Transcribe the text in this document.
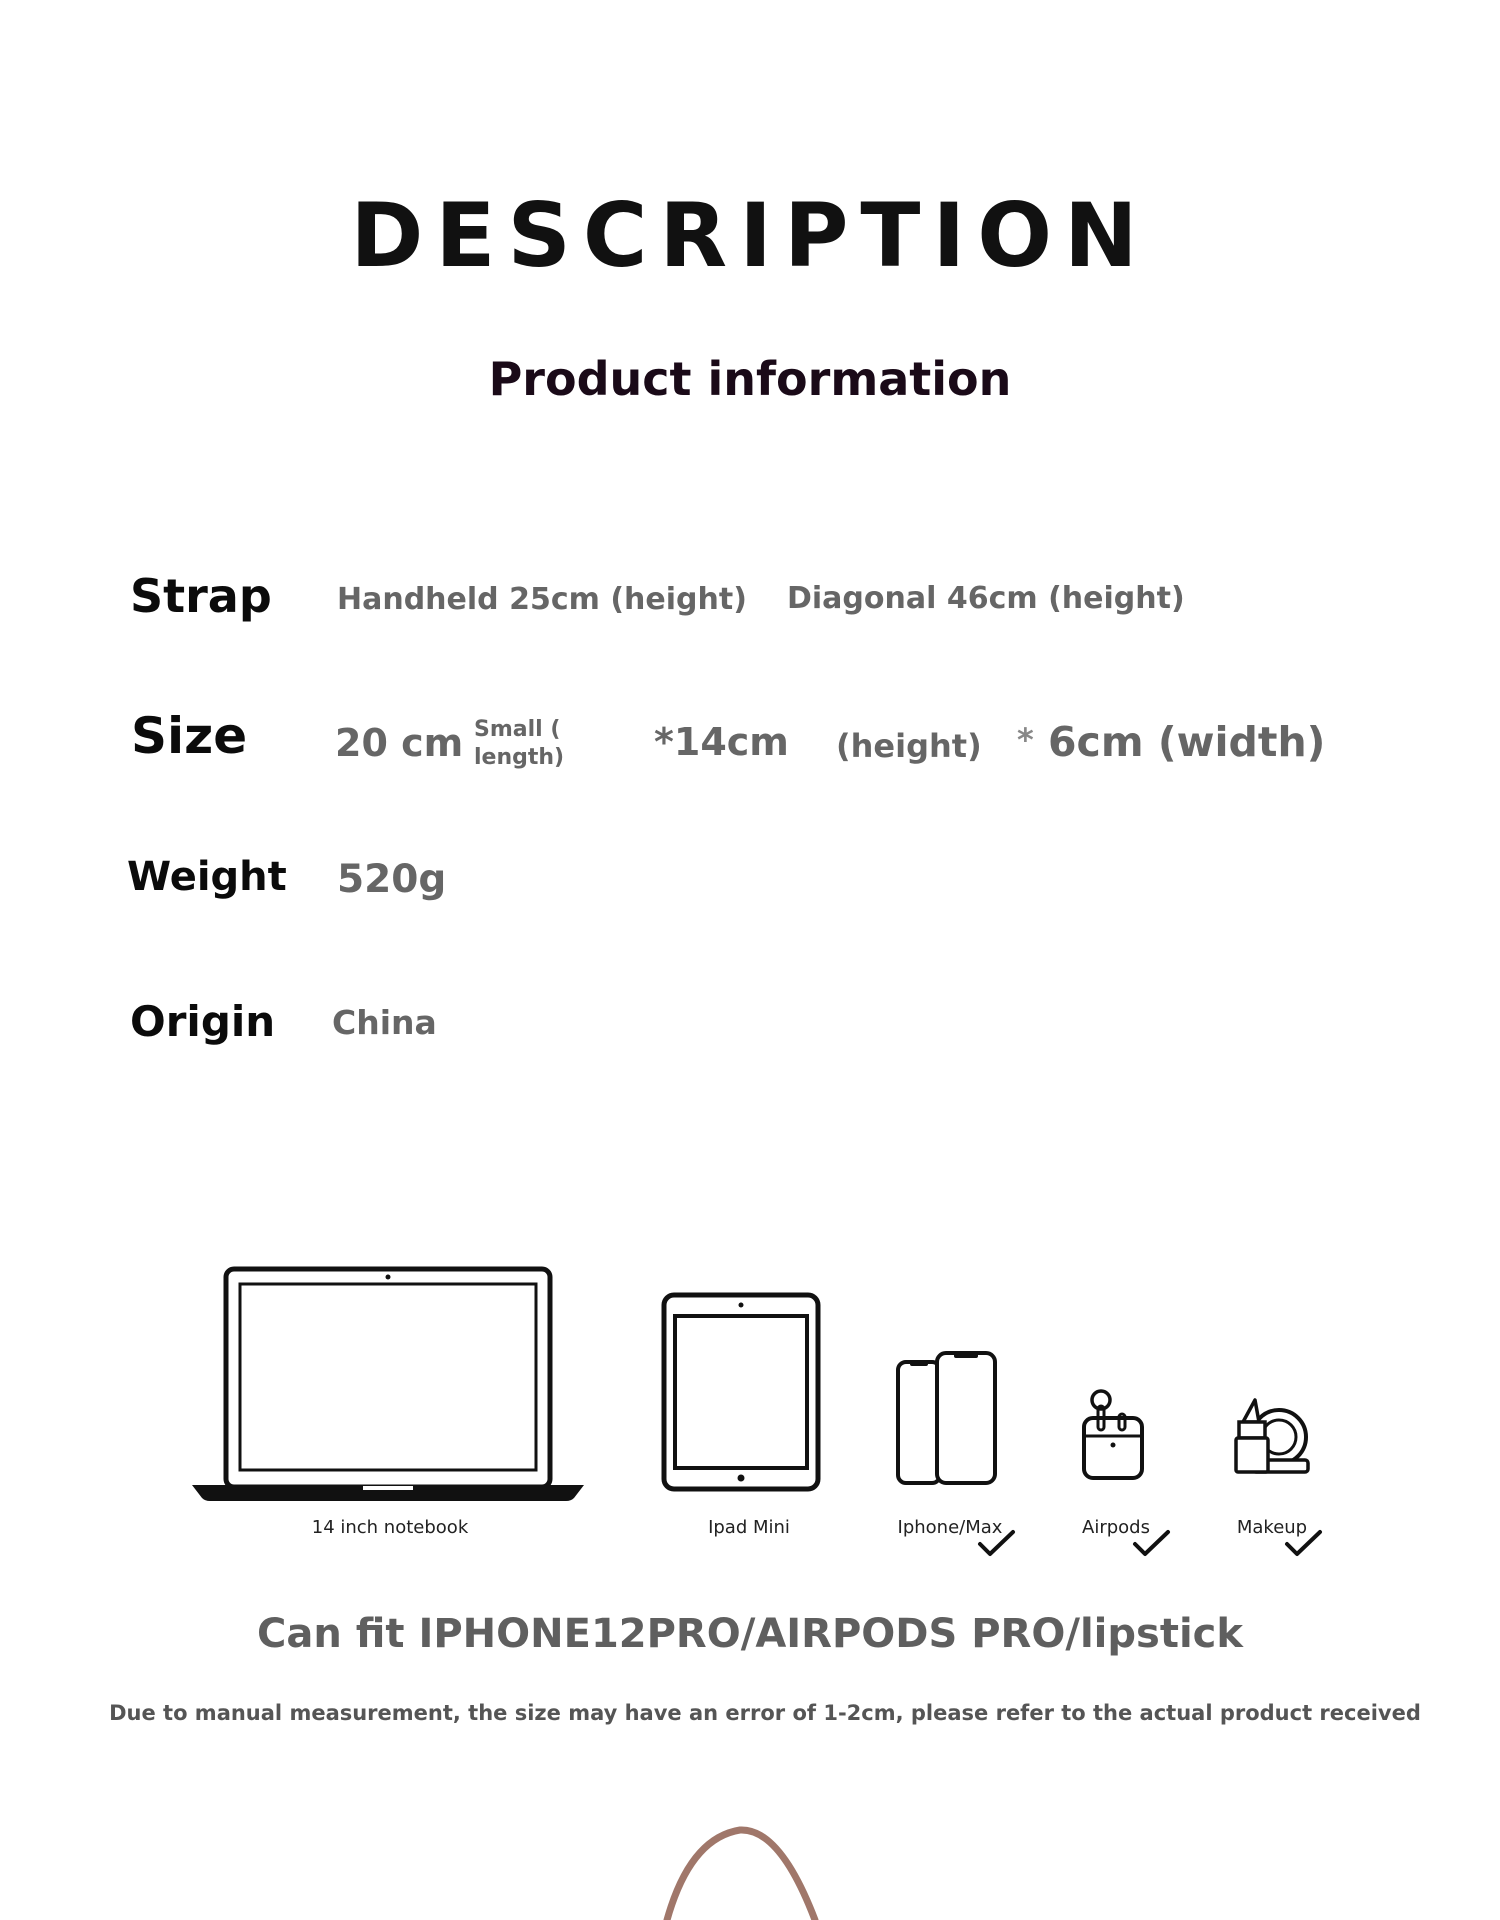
DESCRIPTION
Product information
Strap Handheld 25cm (height) Diagonal 46cm (height)
Size 20 cm Small ( length)	*14cm (height) * 6cm (width)
Weight 520g
Origin China
14 inch notebook	Ipad Mini	Iphone/Max	Airpods	Makeup
Can fit IPHONE12PRO/AIRPODS PRO/lipstick
Due to manual measurement, the size may have an error of 1-2cm, please refer to the actual product received
